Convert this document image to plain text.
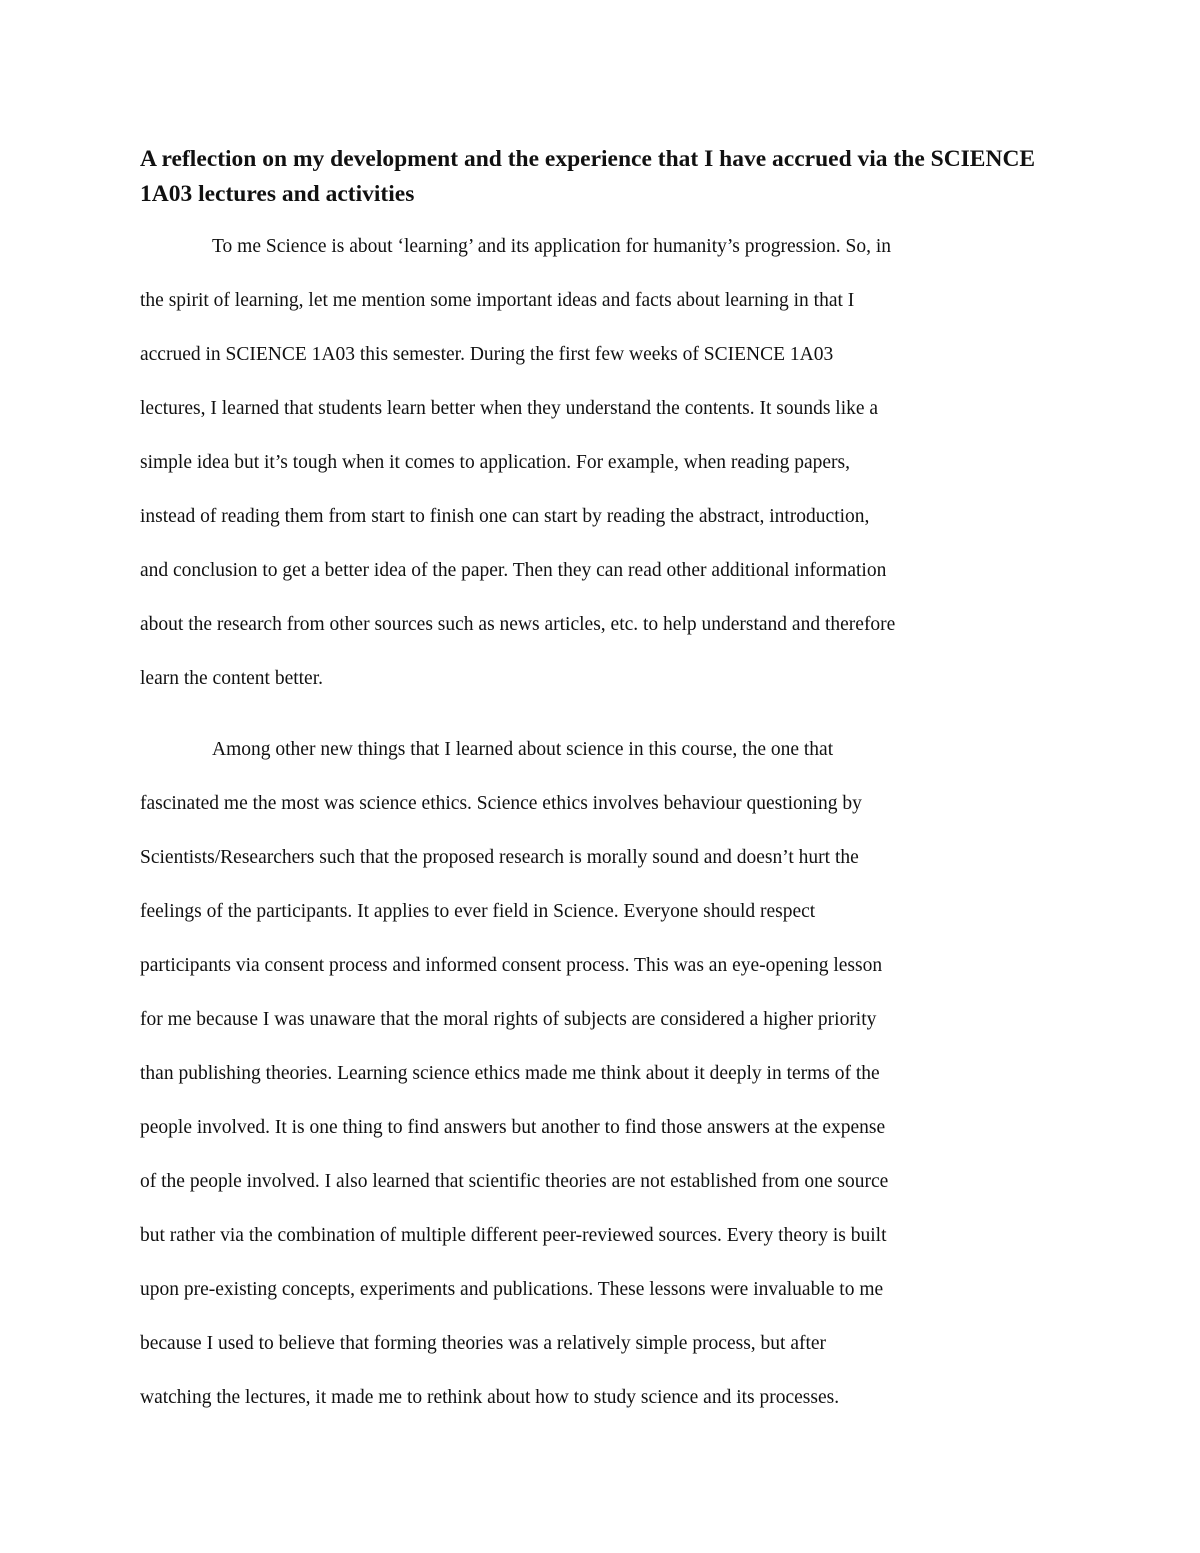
A reflection on my development and the experience that I have accrued via the SCIENCE 1A03 lectures and activities

To me Science is about ‘learning’ and its application for humanity’s progression. So, in

the spirit of learning, let me mention some important ideas and facts about learning in that I

accrued in SCIENCE 1A03 this semester. During the first few weeks of SCIENCE 1A03

lectures, I learned that students learn better when they understand the contents. It sounds like a

simple idea but it’s tough when it comes to application. For example, when reading papers,

instead of reading them from start to finish one can start by reading the abstract, introduction,

and conclusion to get a better idea of the paper. Then they can read other additional information

about the research from other sources such as news articles, etc. to help understand and therefore

learn the content better.

Among other new things that I learned about science in this course, the one that

fascinated me the most was science ethics. Science ethics involves behaviour questioning by

Scientists/Researchers such that the proposed research is morally sound and doesn’t hurt the

feelings of the participants. It applies to ever field in Science. Everyone should respect

participants via consent process and informed consent process. This was an eye-opening lesson

for me because I was unaware that the moral rights of subjects are considered a higher priority

than publishing theories. Learning science ethics made me think about it deeply in terms of the

people involved. It is one thing to find answers but another to find those answers at the expense

of the people involved. I also learned that scientific theories are not established from one source

but rather via the combination of multiple different peer-reviewed sources. Every theory is built

upon pre-existing concepts, experiments and publications. These lessons were invaluable to me

because I used to believe that forming theories was a relatively simple process, but after

watching the lectures, it made me to rethink about how to study science and its processes.
